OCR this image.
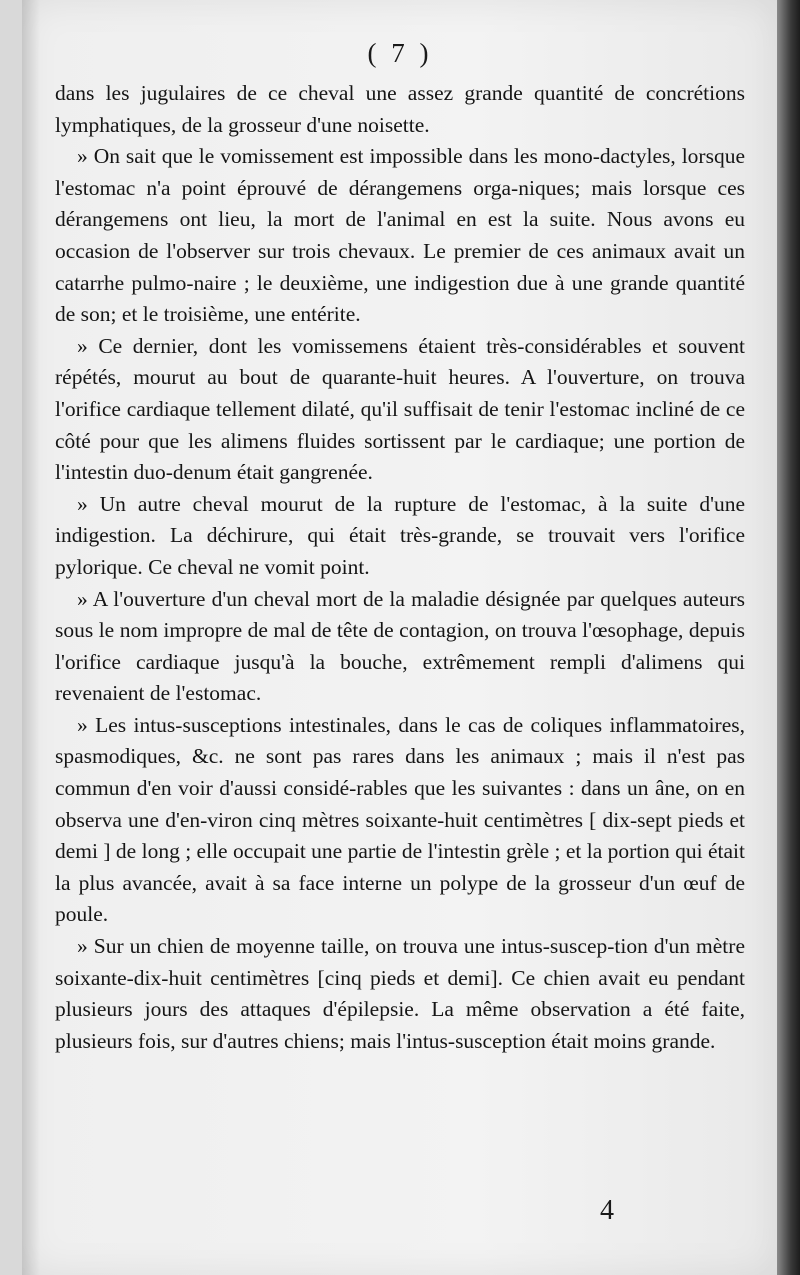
( 7 )

dans les jugulaires de ce cheval une assez grande quantité de concrétions lymphatiques, de la grosseur d'une noisette.

» On sait que le vomissement est impossible dans les mono-dactyles, lorsque l'estomac n'a point éprouvé de dérangemens orga-niques; mais lorsque ces dérangemens ont lieu, la mort de l'animal en est la suite. Nous avons eu occasion de l'observer sur trois chevaux. Le premier de ces animaux avait un catarrhe pulmo-naire ; le deuxième, une indigestion due à une grande quantité de son; et le troisième, une entérite.

» Ce dernier, dont les vomissemens étaient très-considérables et souvent répétés, mourut au bout de quarante-huit heures. A l'ouverture, on trouva l'orifice cardiaque tellement dilaté, qu'il suffisait de tenir l'estomac incliné de ce côté pour que les alimens fluides sortissent par le cardiaque; une portion de l'intestin duo-denum était gangrenée.

» Un autre cheval mourut de la rupture de l'estomac, à la suite d'une indigestion. La déchirure, qui était très-grande, se trouvait vers l'orifice pylorique. Ce cheval ne vomit point.

» A l'ouverture d'un cheval mort de la maladie désignée par quelques auteurs sous le nom impropre de mal de tête de contagion, on trouva l'œsophage, depuis l'orifice cardiaque jusqu'à la bouche, extrêmement rempli d'alimens qui revenaient de l'estomac.

» Les intus-susceptions intestinales, dans le cas de coliques inflammatoires, spasmodiques, &c. ne sont pas rares dans les animaux ; mais il n'est pas commun d'en voir d'aussi considé-rables que les suivantes : dans un âne, on en observa une d'en-viron cinq mètres soixante-huit centimètres [ dix-sept pieds et demi ] de long ; elle occupait une partie de l'intestin grèle ; et la portion qui était la plus avancée, avait à sa face interne un polype de la grosseur d'un œuf de poule.

» Sur un chien de moyenne taille, on trouva une intus-suscep-tion d'un mètre soixante-dix-huit centimètres [cinq pieds et demi]. Ce chien avait eu pendant plusieurs jours des attaques d'épilepsie. La même observation a été faite, plusieurs fois, sur d'autres chiens; mais l'intus-susception était moins grande.

4
